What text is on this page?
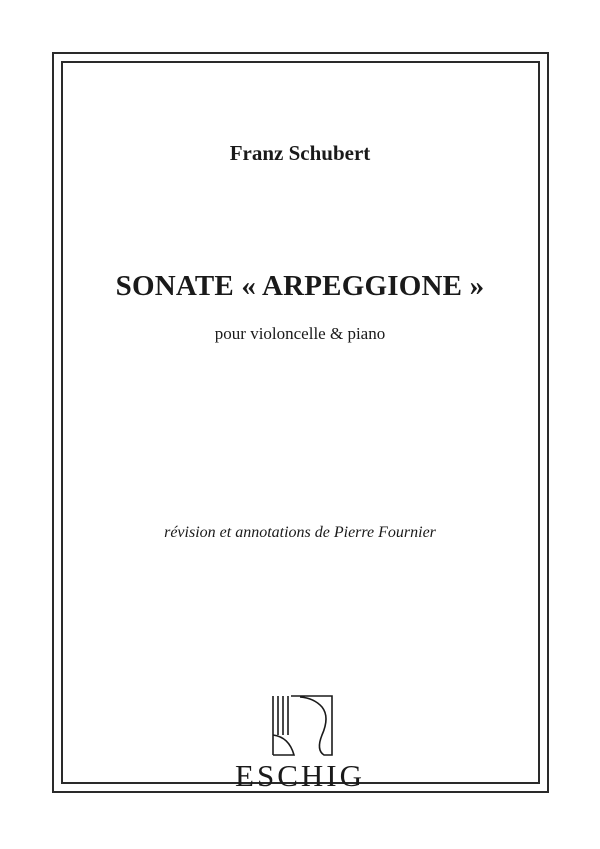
Franz Schubert
SONATE « ARPEGGIONE »
pour violoncelle & piano
révision et annotations de Pierre Fournier
ESCHIG
